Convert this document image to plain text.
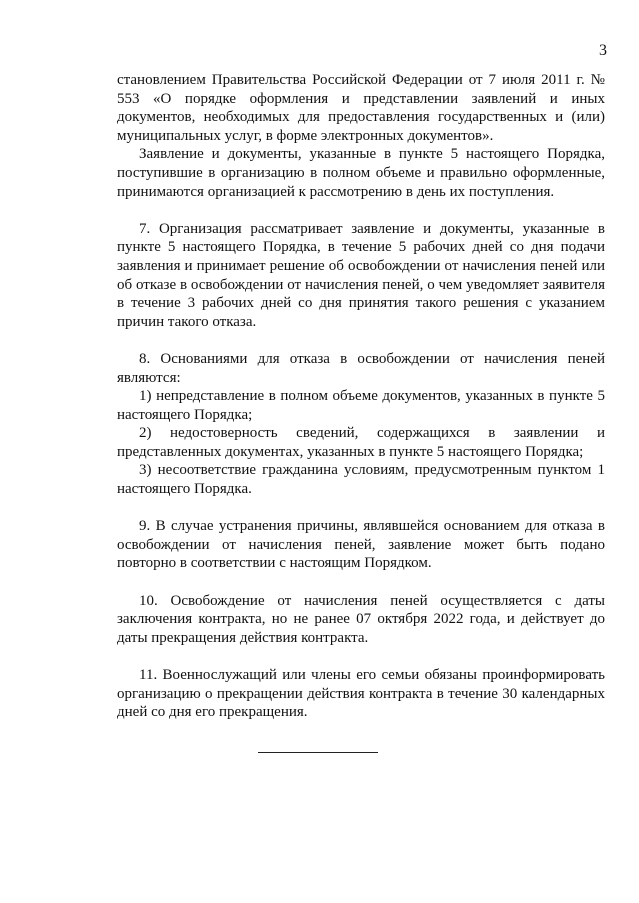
3

становлением Правительства Российской Федерации от 7 июля 2011 г. № 553 «О порядке оформления и представлении заявлений и иных документов, необходимых для предоставления государственных и (или) муниципальных услуг, в форме электронных документов».

Заявление и документы, указанные в пункте 5 настоящего Порядка, поступившие в организацию в полном объеме и правильно оформленные, принимаются организацией к рассмотрению в день их поступления.

7. Организация рассматривает заявление и документы, указанные в пункте 5 настоящего Порядка, в течение 5 рабочих дней со дня подачи заявления и принимает решение об освобождении от начисления пеней или об отказе в освобождении от начисления пеней, о чем уведомляет заявителя в течение 3 рабочих дней со дня принятия такого решения с указанием причин такого отказа.

8. Основаниями для отказа в освобождении от начисления пеней являются:

1) непредставление в полном объеме документов, указанных в пункте 5 настоящего Порядка;

2) недостоверность сведений, содержащихся в заявлении и представленных документах, указанных в пункте 5 настоящего Порядка;

3) несоответствие гражданина условиям, предусмотренным пунктом 1 настоящего Порядка.

9. В случае устранения причины, являвшейся основанием для отказа в освобождении от начисления пеней, заявление может быть подано повторно в соответствии с настоящим Порядком.

10. Освобождение от начисления пеней осуществляется с даты заключения контракта, но не ранее 07 октября 2022 года, и действует до даты прекращения действия контракта.

11. Военнослужащий или члены его семьи обязаны проинформировать организацию о прекращении действия контракта в течение 30 календарных дней со дня его прекращения.
